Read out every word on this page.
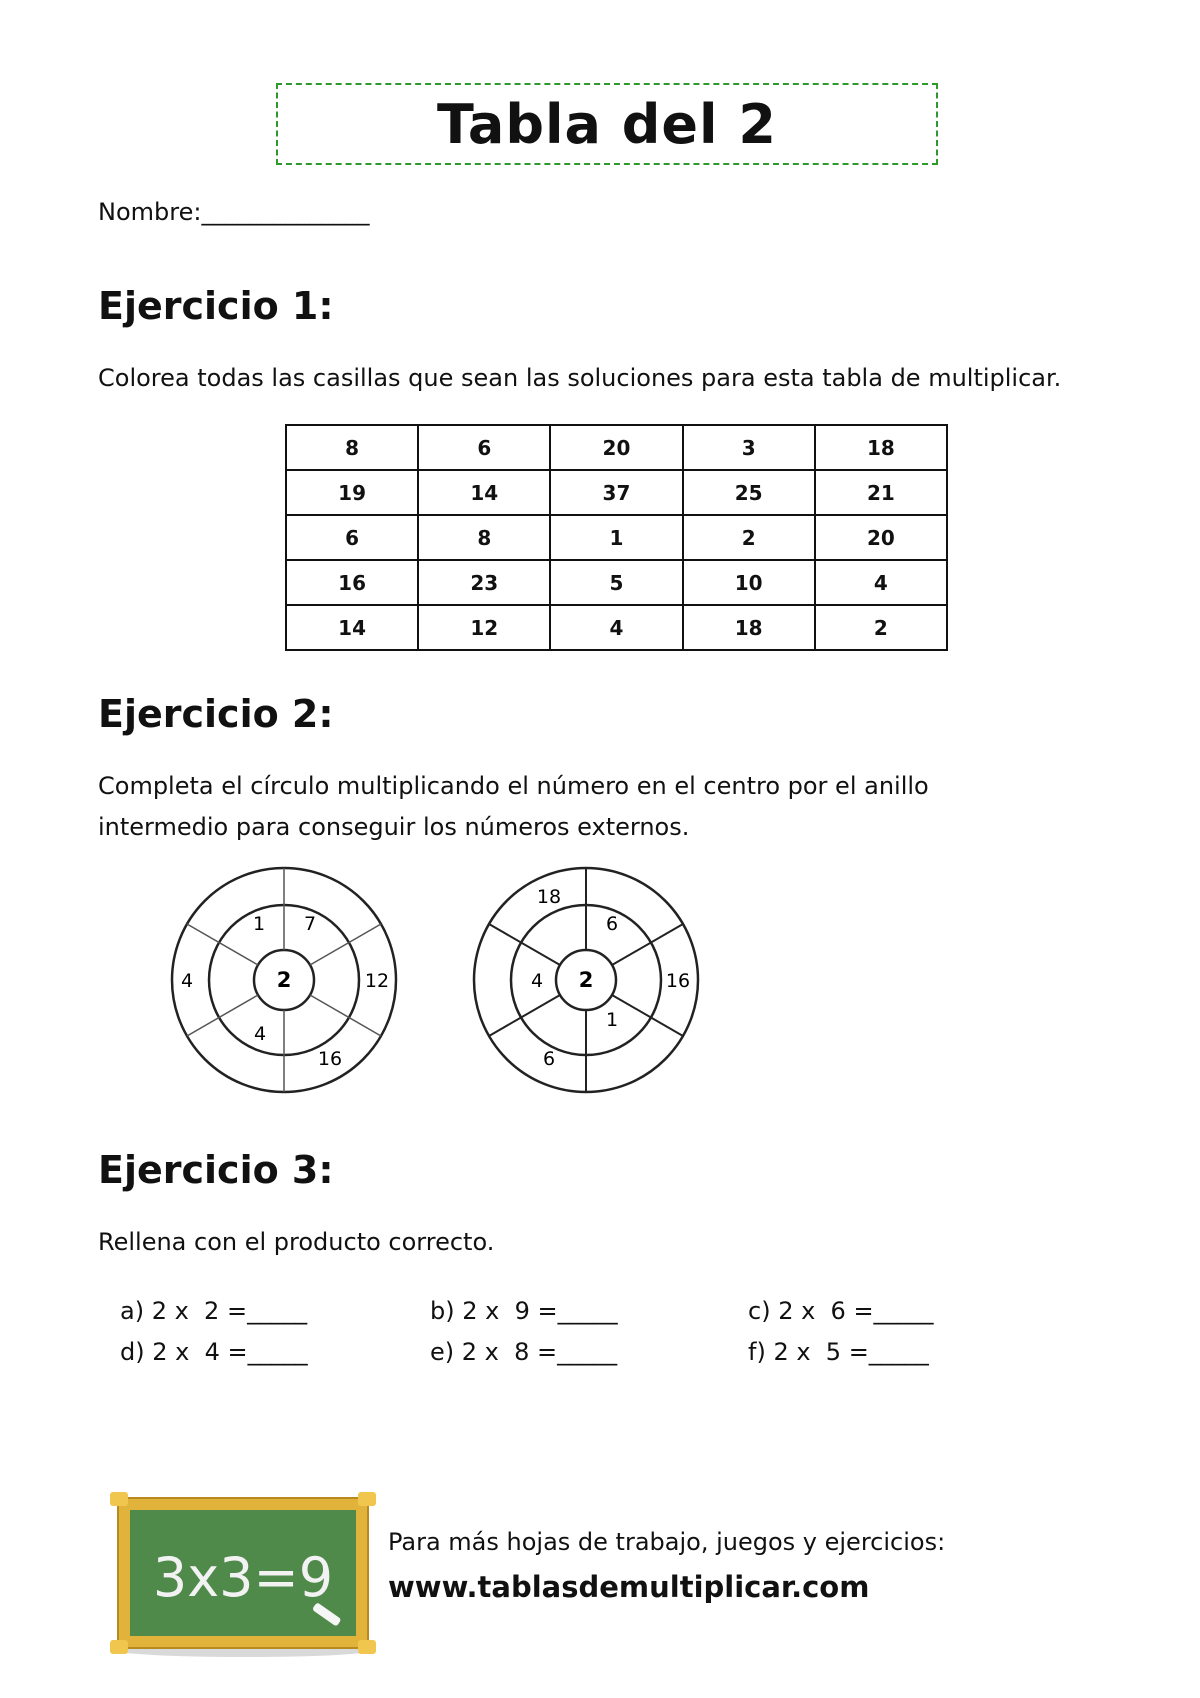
Tabla del 2
Nombre:______________
Ejercicio 1:

Colorea todas las casillas que sean las soluciones para esta tabla de multiplicar.

8	6	20	3	18
19	14	37	25	21
6	8	1	2	20
16	23	5	10	4
14	12	4	18	2
Ejercicio 2:

Completa el círculo multiplicando el número en el centro por el anillo

intermedio para conseguir los números externos.

2
1 7
4
4	12
16
2
6
4
1
18
16
6
Ejercicio 3:

Rellena con el producto correcto.

a) 2 x  2 =_____	b) 2 x  9 =_____	c) 2 x  6 =_____
d) 2 x  4 =_____	e) 2 x  8 =_____	f) 2 x  5 =_____
3x3=9
Para más hojas de trabajo, juegos y ejercicios:
www.tablasdemultiplicar.com
